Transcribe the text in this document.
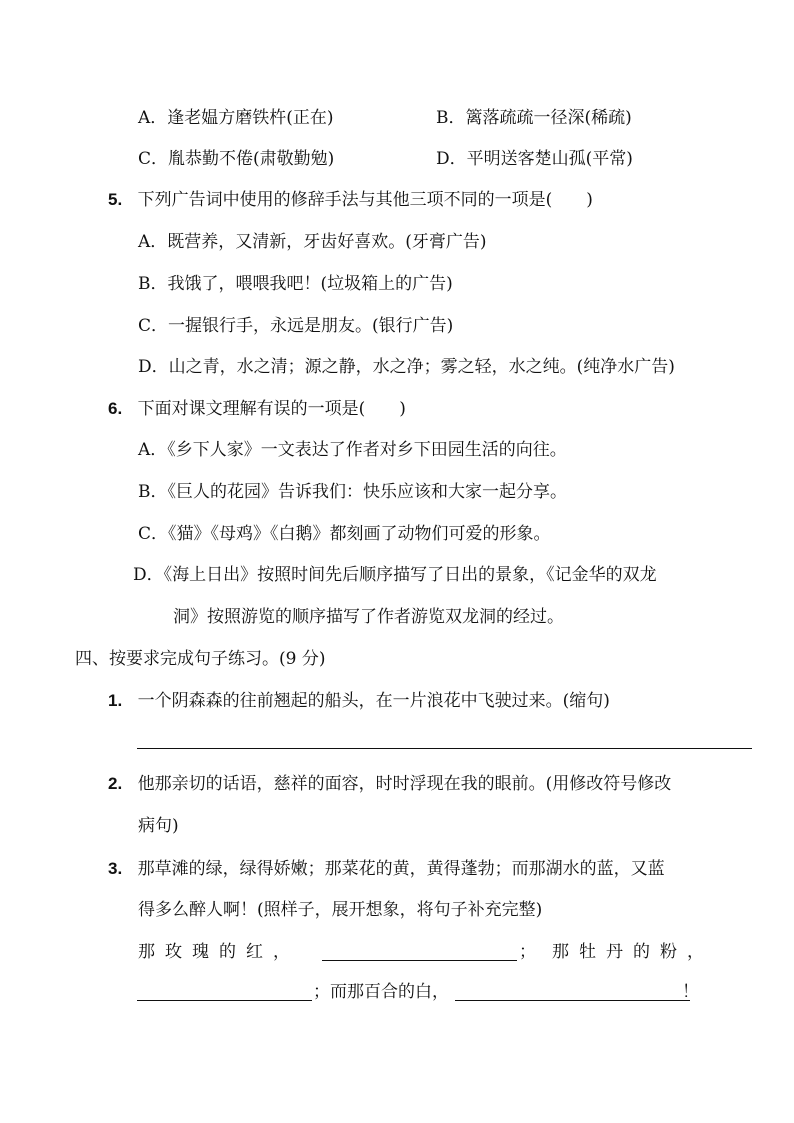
A．逢老媪方磨铁杵(正在)	B．篱落疏疏一径深(稀疏)
C．胤恭勤不倦(肃敬勤勉)	D．平明送客楚山孤(平常)
5. 下列广告词中使用的修辞手法与其他三项不同的一项是(　　)
A．既营养，又清新，牙齿好喜欢。(牙膏广告)
B．我饿了，喂喂我吧！(垃圾箱上的广告)
C．一握银行手，永远是朋友。(银行广告)
D．山之青，水之清；源之静，水之净；雾之轻，水之纯。(纯净水广告)
6. 下面对课文理解有误的一项是(　　)
A．《乡下人家》一文表达了作者对乡下田园生活的向往。
B．《巨人的花园》告诉我们：快乐应该和大家一起分享。
C．《猫》《母鸡》《白鹅》都刻画了动物们可爱的形象。
D．《海上日出》按照时间先后顺序描写了日出的景象，《记金华的双龙
洞》按照游览的顺序描写了作者游览双龙洞的经过。
四、按要求完成句子练习。(9 分)
1. 一个阴森森的往前翘起的船头，在一片浪花中飞驶过来。(缩句)
2. 他那亲切的话语，慈祥的面容，时时浮现在我的眼前。(用修改符号修改
病句)
3. 那草滩的绿，绿得娇嫩；那菜花的黄，黄得蓬勃；而那湖水的蓝，又蓝
得多么醉人啊！(照样子，展开想象，将句子补充完整)
那玫瑰的红，	； 那牡丹的粉，
；而那百合的白，	！
